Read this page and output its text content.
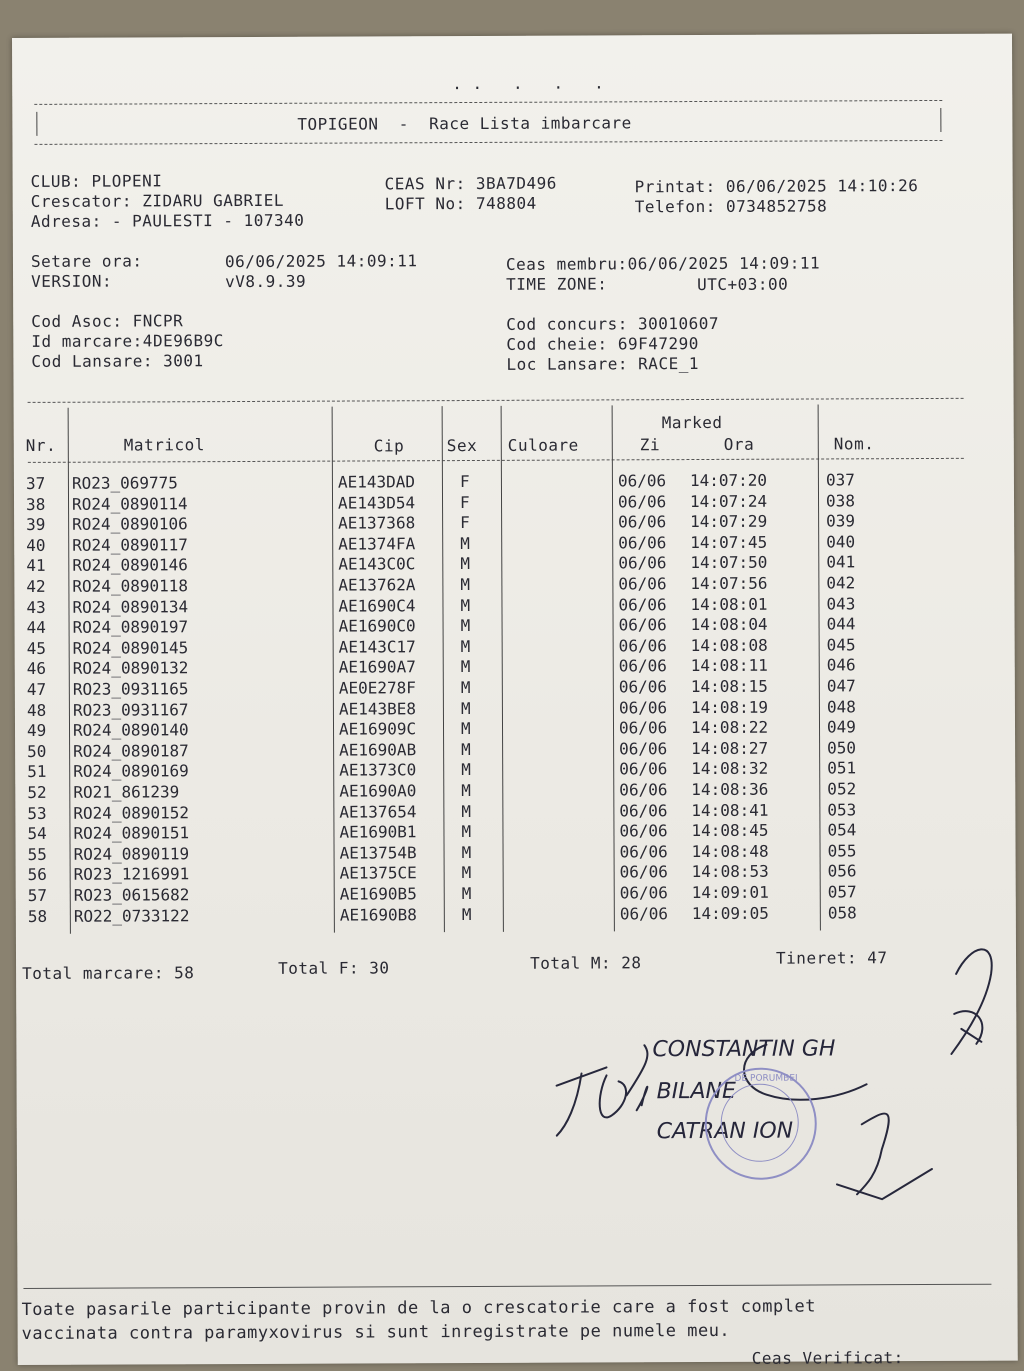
. .   .   .   .
TOPIGEON  -  Race Lista imbarcare
CLUB: PLOPENI
Crescator: ZIDARU GABRIEL
Adresa: - PAULESTI - 107340
CEAS Nr: 3BA7D496
LOFT No: 748804
Printat: 06/06/2025 14:10:26
Telefon: 0734852758
Setare ora:	06/06/2025 14:09:11
VERSION:	vV8.9.39
Ceas membru:06/06/2025 14:09:11
TIME ZONE:	UTC+03:00
Cod Asoc: FNCPR
Id marcare:4DE96B9C
Cod Lansare: 3001
Cod concurs: 30010607
Cod cheie: 69F47290
Loc Lansare: RACE_1
Marked
Nr.	Matricol	Cip	Sex Culoare	Zi	Ora	Nom.
37 RO23_069775	AE143DAD	F	06/06 14:07:20	037
38 RO24_0890114	AE143D54	F	06/06 14:07:24	038
39 RO24_0890106	AE137368	F	06/06 14:07:29	039
40 RO24_0890117	AE1374FA	M	06/06 14:07:45	040
41 RO24_0890146	AE143C0C	M	06/06 14:07:50	041
42 RO24_0890118	AE13762A	M	06/06 14:07:56	042
43 RO24_0890134	AE1690C4	M	06/06 14:08:01	043
44 RO24_0890197	AE1690C0	M	06/06 14:08:04	044
45 RO24_0890145	AE143C17	M	06/06 14:08:08	045
46 RO24_0890132	AE1690A7	M	06/06 14:08:11	046
47 RO23_0931165	AE0E278F	M	06/06 14:08:15	047
48 RO23_0931167	AE143BE8	M	06/06 14:08:19	048
49 RO24_0890140	AE16909C	M	06/06 14:08:22	049
50 RO24_0890187	AE1690AB	M	06/06 14:08:27	050
51 RO24_0890169	AE1373C0	M	06/06 14:08:32	051
52 RO21_861239	AE1690A0	M	06/06 14:08:36	052
53 RO24_0890152	AE137654	M	06/06 14:08:41	053
54 RO24_0890151	AE1690B1	M	06/06 14:08:45	054
55 RO24_0890119	AE13754B	M	06/06 14:08:48	055
56 RO23_1216991	AE1375CE	M	06/06 14:08:53	056
57 RO23_0615682	AE1690B5	M	06/06 14:09:01	057
58 RO22_0733122	AE1690B8	M	06/06 14:09:05	058
Total marcare: 58	Total F: 30	Total M: 28	Tineret: 47
CONSTANTIN GH
BILANE
CATRAN ION
DE PORUMBEI
Toate pasarile participante provin de la o crescatorie care a fost complet
vaccinata contra paramyxovirus si sunt inregistrate pe numele meu.
Ceas Verificat:
